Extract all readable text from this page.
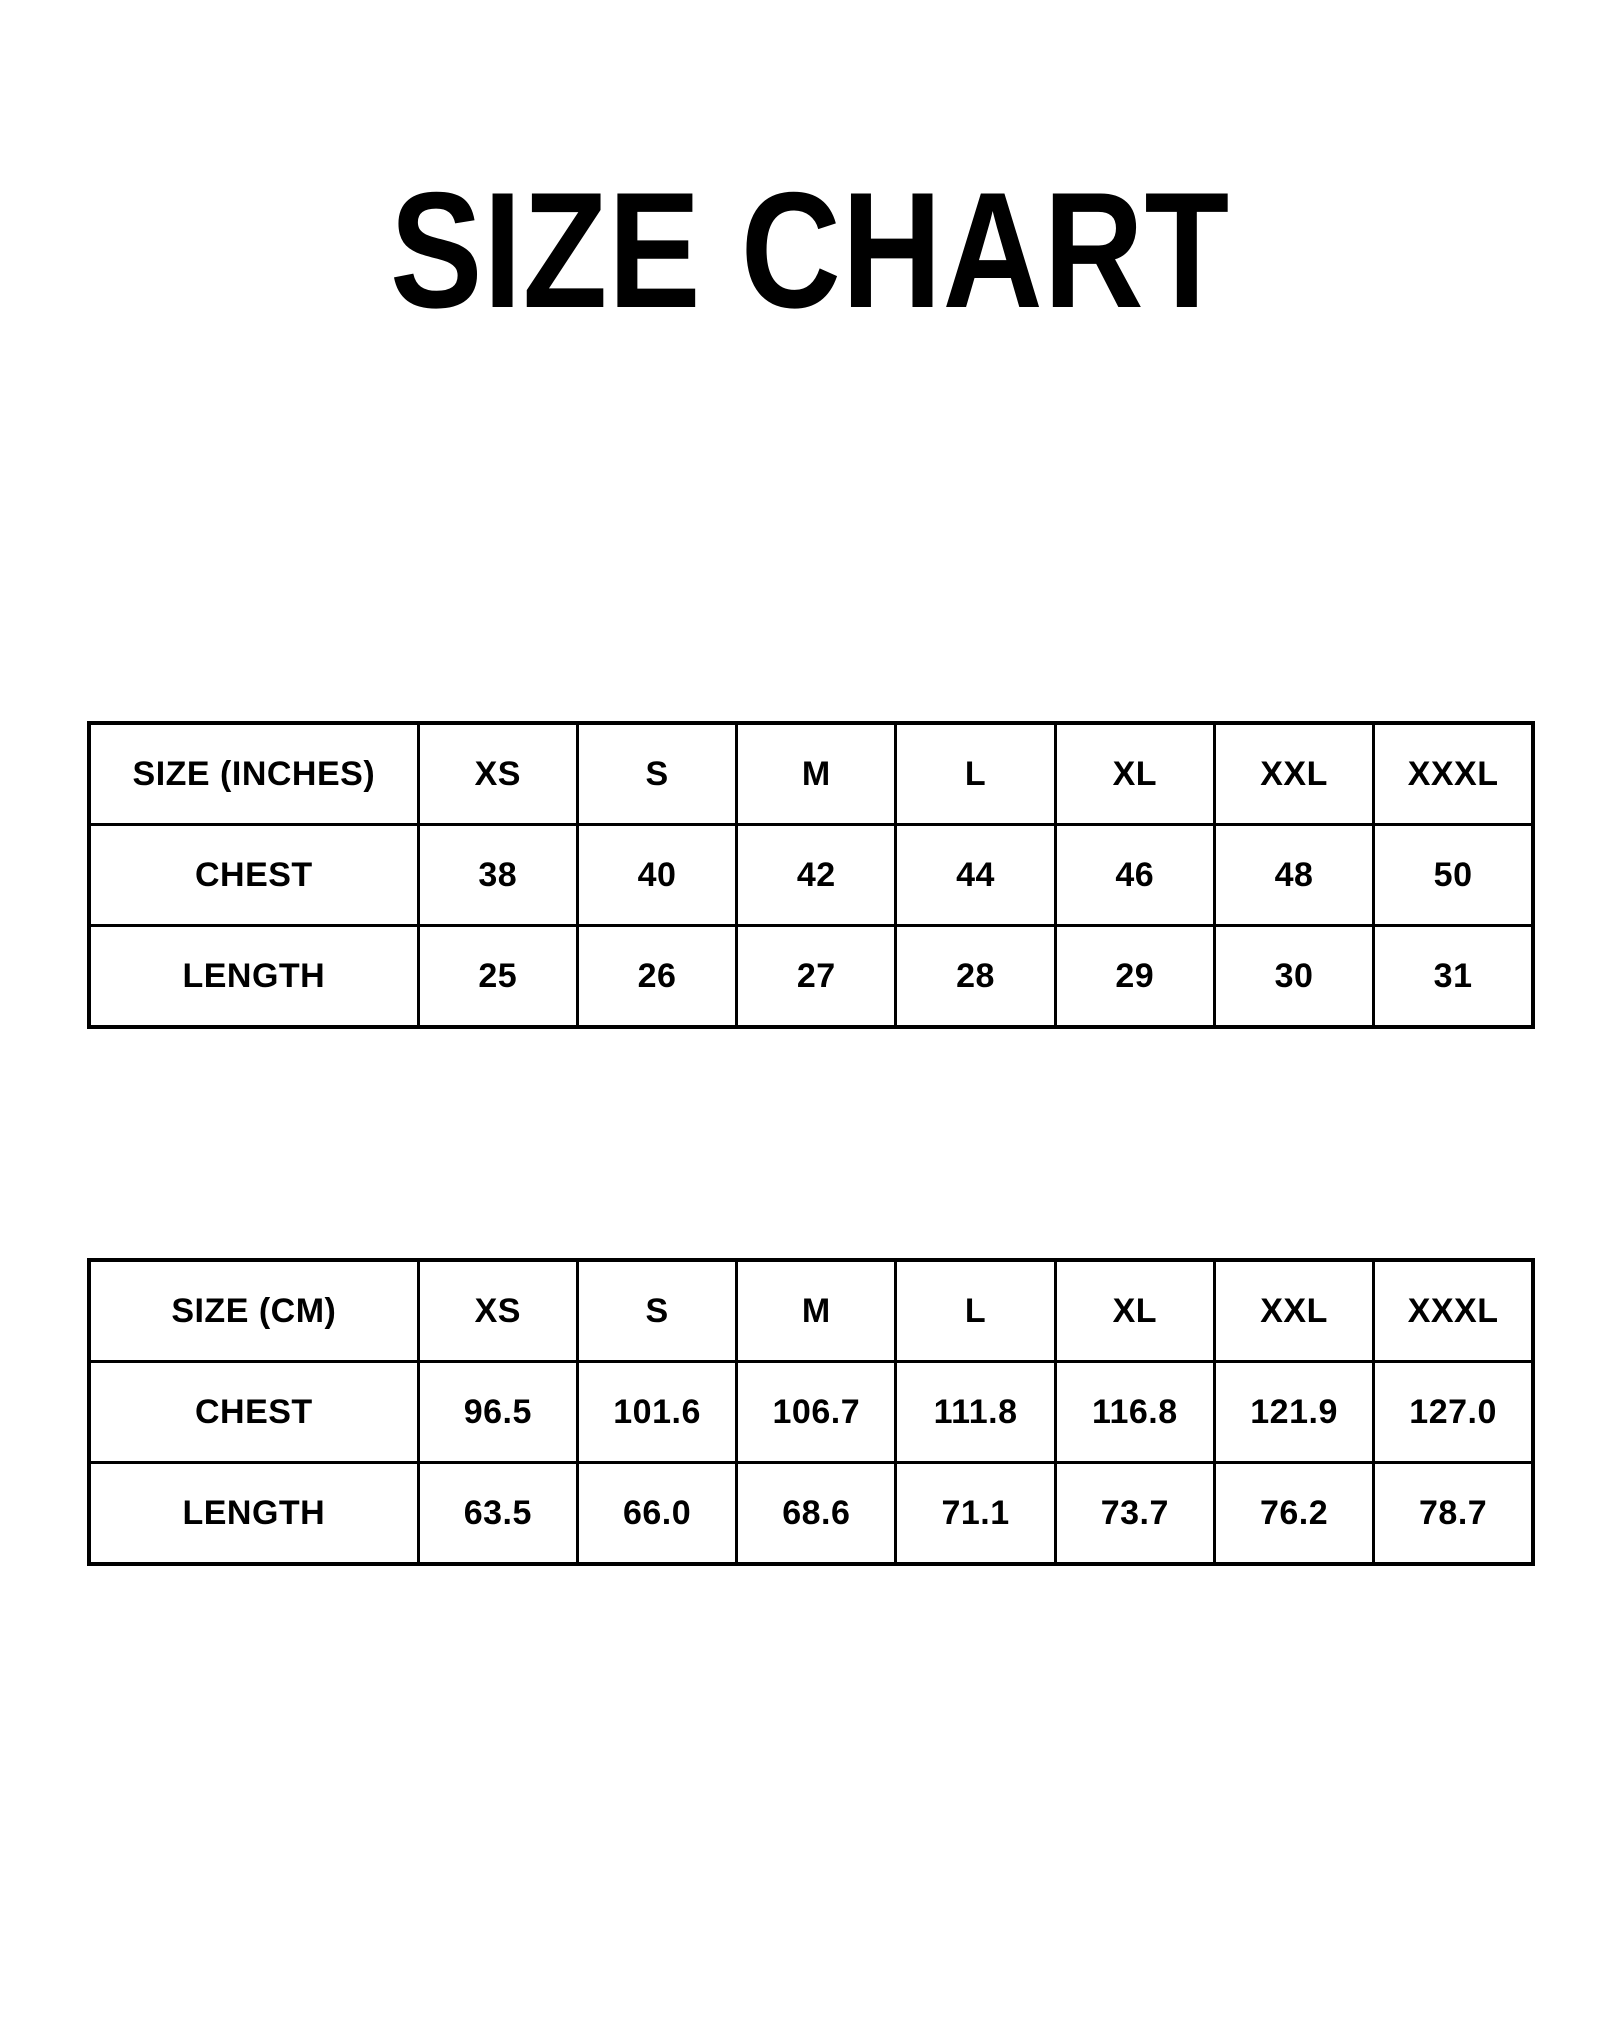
SIZE CHART
SIZE (INCHES)	XS	S	M	L	XL	XXL	XXXL
CHEST	38	40	42	44	46	48	50
LENGTH	25	26	27	28	29	30	31
SIZE (CM)	XS	S	M	L	XL	XXL	XXXL
CHEST	96.5	101.6	106.7	111.8	116.8	121.9	127.0
LENGTH	63.5	66.0	68.6	71.1	73.7	76.2	78.7
